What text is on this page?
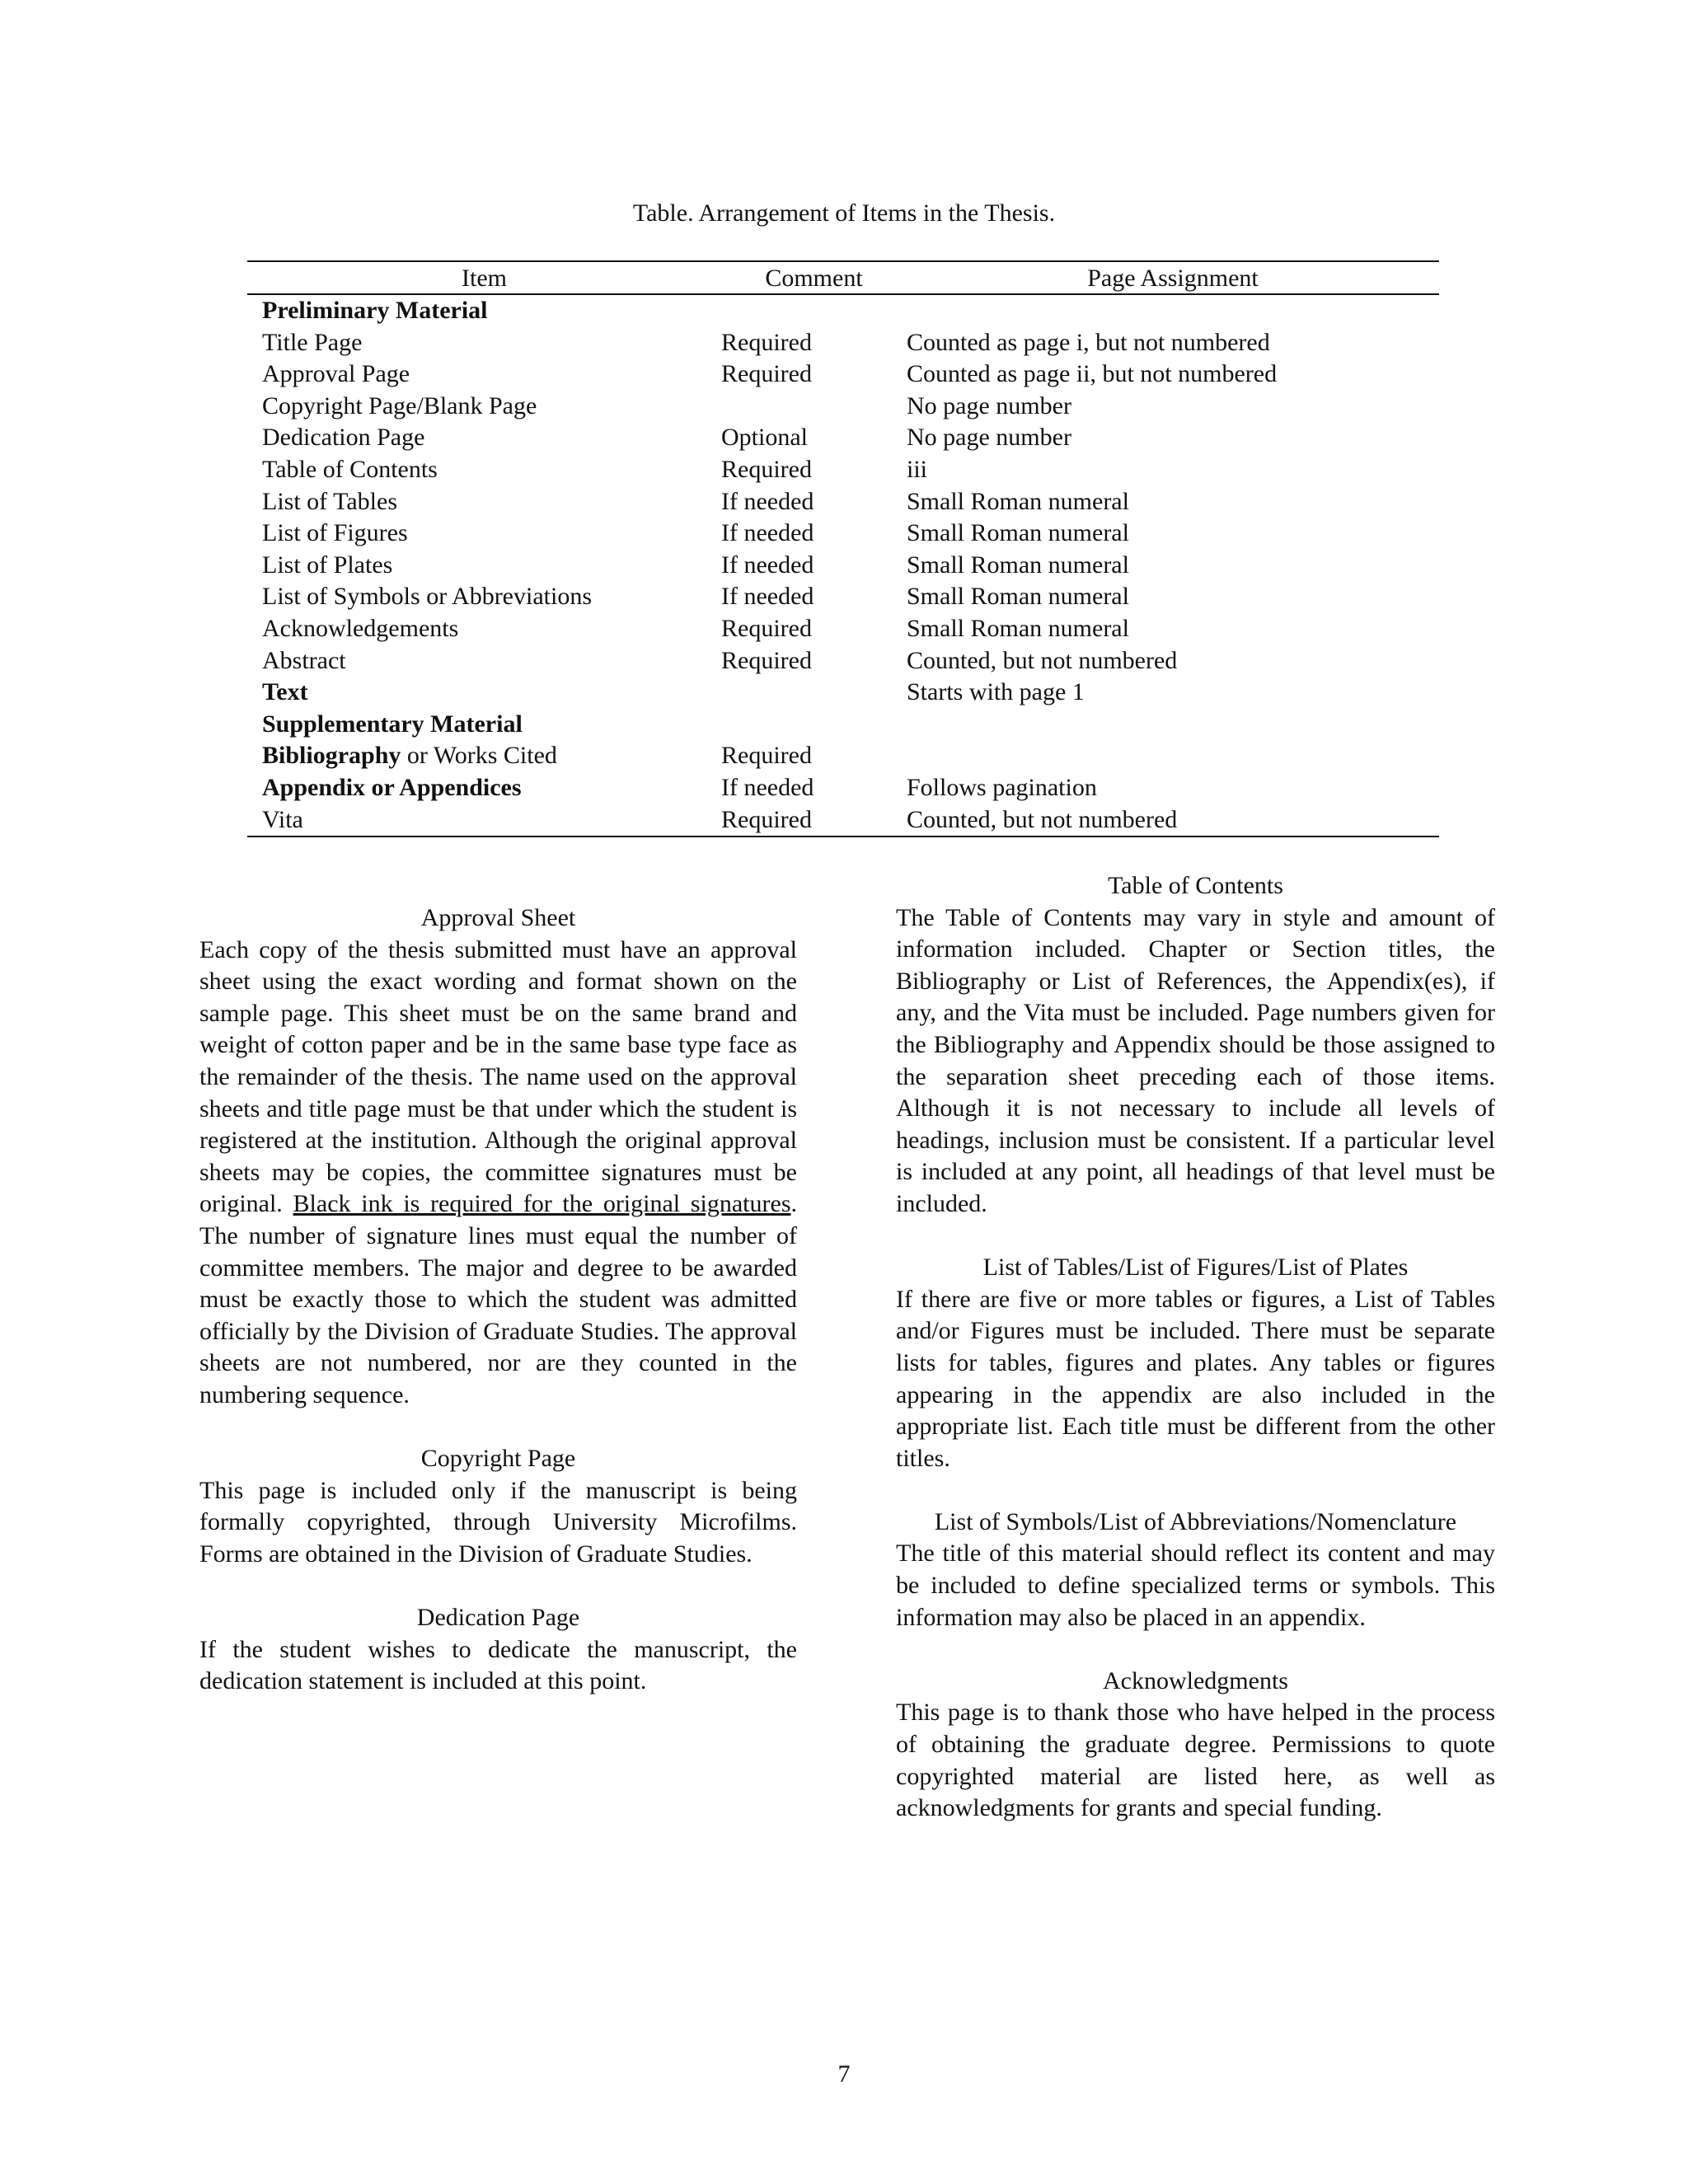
Table. Arrangement of Items in the Thesis.
Item	Comment	Page Assignment
Preliminary Material		
Title Page	Required	Counted as page i, but not numbered
Approval Page	Required	Counted as page ii, but not numbered
Copyright Page/Blank Page		No page number
Dedication Page	Optional	No page number
Table of Contents	Required	iii
List of Tables	If needed	Small Roman numeral
List of Figures	If needed	Small Roman numeral
List of Plates	If needed	Small Roman numeral
List of Symbols or Abbreviations	If needed	Small Roman numeral
Acknowledgements	Required	Small Roman numeral
Abstract	Required	Counted, but not numbered
Text		Starts with page 1
Supplementary Material		
Bibliography or Works Cited	Required	
Appendix or Appendices	If needed	Follows pagination
Vita	Required	Counted, but not numbered
Approval Sheet

Each copy of the thesis submitted must have an approval sheet using the exact wording and format shown on the sample page. This sheet must be on the same brand and weight of cotton paper and be in the same base type face as the remainder of the thesis. The name used on the approval sheets and title page must be that under which the student is registered at the institution. Although the original approval sheets may be copies, the committee signatures must be original. Black ink is required for the original signatures. The number of signature lines must equal the number of committee members. The major and degree to be awarded must be exactly those to which the student was admitted officially by the Division of Graduate Studies. The approval sheets are not numbered, nor are they counted in the numbering sequence.

Copyright Page

This page is included only if the manuscript is being formally copyrighted, through University Microfilms. Forms are obtained in the Division of Graduate Studies.

Dedication Page

If the student wishes to dedicate the manuscript, the dedication statement is included at this point.

Table of Contents

The Table of Contents may vary in style and amount of information included. Chapter or Section titles, the Bibliography or List of References, the Appendix(es), if any, and the Vita must be included. Page numbers given for the Bibliography and Appendix should be those assigned to the separation sheet preceding each of those items. Although it is not necessary to include all levels of headings, inclusion must be consistent. If a particular level is included at any point, all headings of that level must be included.

List of Tables/List of Figures/List of Plates

If there are five or more tables or figures, a List of Tables and/or Figures must be included. There must be separate lists for tables, figures and plates. Any tables or figures appearing in the appendix are also included in the appropriate list. Each title must be different from the other titles.

List of Symbols/List of Abbreviations/Nomenclature

The title of this material should reflect its content and may be included to define specialized terms or symbols. This information may also be placed in an appendix.

Acknowledgments

This page is to thank those who have helped in the process of obtaining the graduate degree. Permissions to quote copyrighted material are listed here, as well as acknowledgments for grants and special funding.

7
